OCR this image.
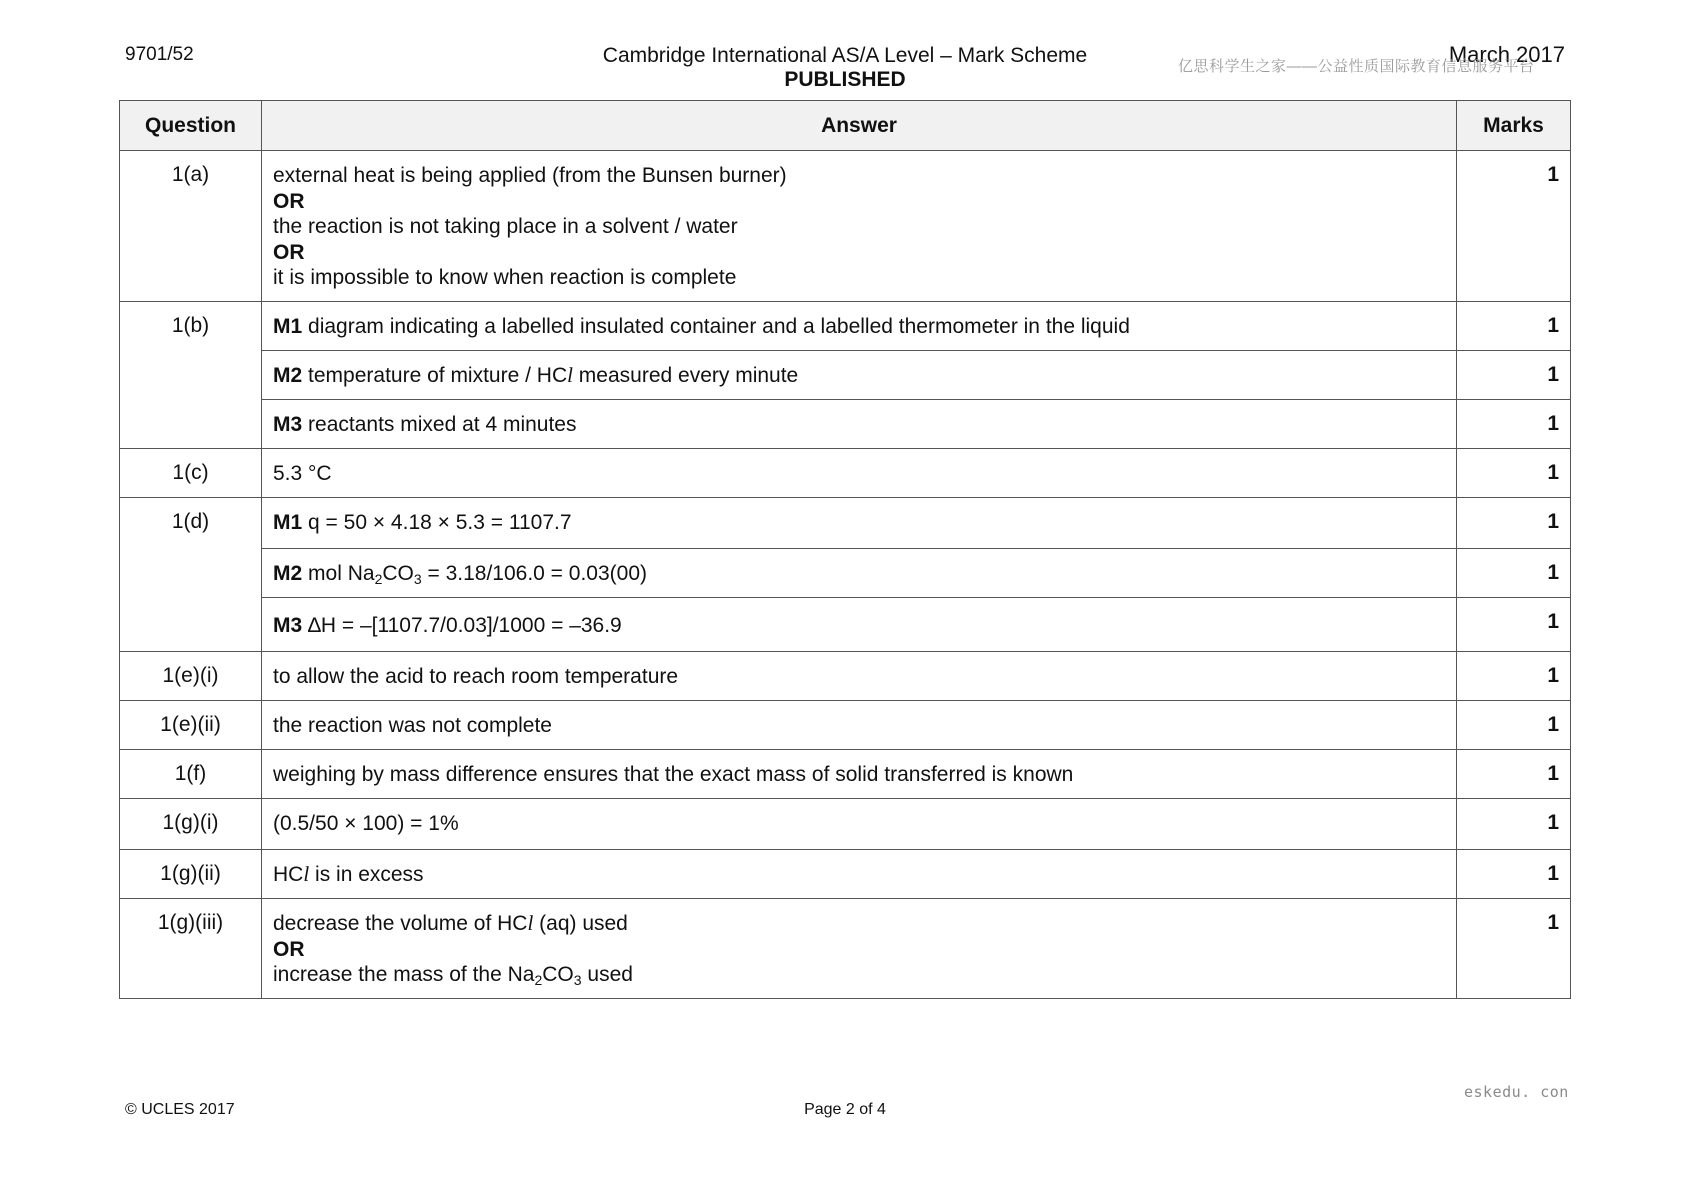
9701/52	Cambridge International AS/A Level – Mark Scheme
PUBLISHED
March 2017
亿思科学生之家——公益性质国际教育信息服务平台
Question	Answer	Marks
1(a)	external heat is being applied (from the Bunsen burner)
OR
the reaction is not taking place in a solvent / water
OR
it is impossible to know when reaction is complete	1
1(b)	M1 diagram indicating a labelled insulated container and a labelled thermometer in the liquid	1
	M2 temperature of mixture / HCl measured every minute	1
	M3 reactants mixed at 4 minutes	1
1(c)	5.3 °C	1
1(d)	M1 q = 50 × 4.18 × 5.3 = 1107.7	1
	M2 mol $Na_2CO_3 = 3.18/106.0 = 0.03(00)$	1
	M3 ∆H = –[1107.7/0.03]/1000 = –36.9	1
1(e)(i)	to allow the acid to reach room temperature	1
1(e)(ii)	the reaction was not complete	1
1(f)	weighing by mass difference ensures that the exact mass of solid transferred is known	1
1(g)(i)	(0.5/50 × 100) = 1%	1
1(g)(ii)	HCl is in excess	1
1(g)(iii)	decrease the volume of HCl (aq) used
OR
increase the mass of the $Na_2CO_3$ used	1
eskedu. con
© UCLES 2017	Page 2 of 4
